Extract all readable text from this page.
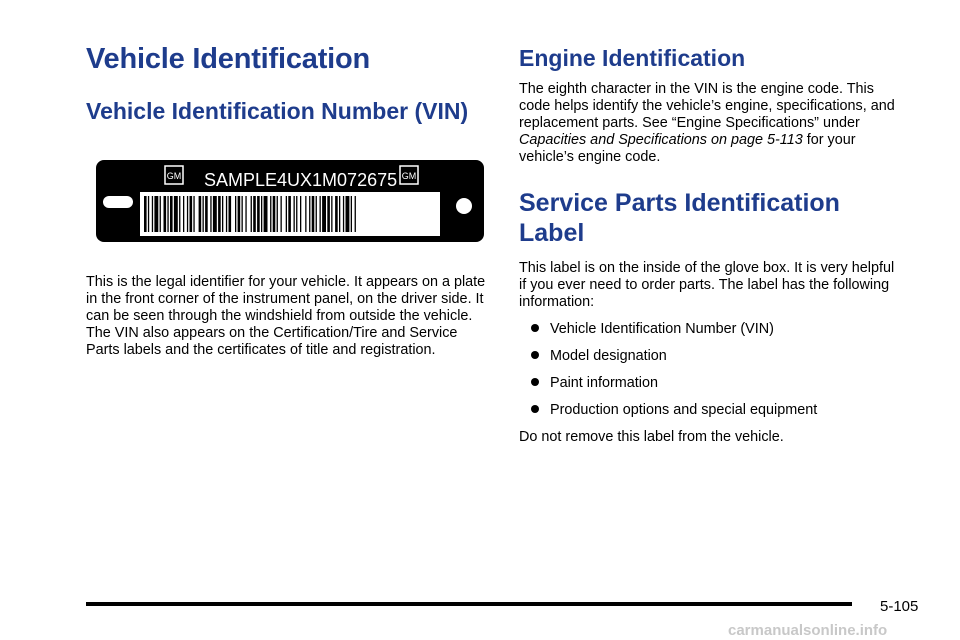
Vehicle Identification
Vehicle Identification Number (VIN)
GM	GM
SAMPLE4UX1M072675

This is the legal identifier for your vehicle. It appears on a plate in the front corner of the instrument panel, on the driver side. It can be seen through the windshield from outside the vehicle. The VIN also appears on the Certification/Tire and Service Parts labels and the certificates of title and registration.

Engine Identification

The eighth character in the VIN is the engine code. This code helps identify the vehicle’s engine, specifications, and replacement parts. See “Engine Specifications” under Capacities and Specifications on page 5-113 for your vehicle’s engine code.

Service Parts Identification Label

This label is on the inside of the glove box. It is very helpful if you ever need to order parts. The label has the following information:

Vehicle Identification Number (VIN)
Model designation
Paint information
Production options and special equipment

Do not remove this label from the vehicle.

5-105
carmanualsonline.info
